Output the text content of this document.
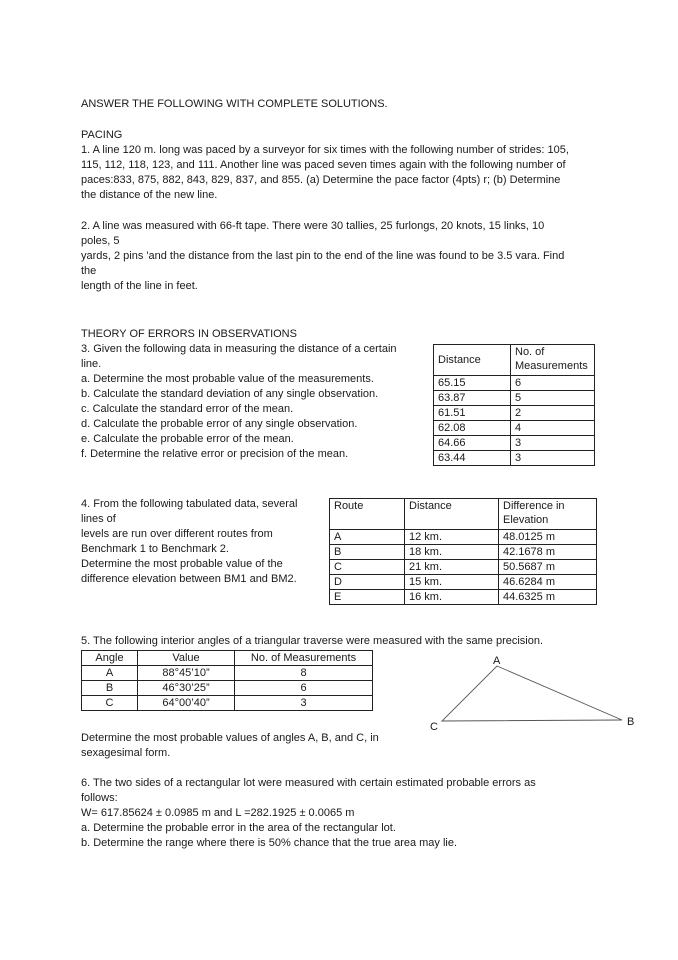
ANSWER THE FOLLOWING WITH COMPLETE SOLUTIONS.
PACING
1. A line 120 m. long was paced by a surveyor for six times with the following number of strides: 105,
115, 112, 118, 123, and 111. Another line was paced seven times again with the following number of
paces:833, 875, 882, 843, 829, 837, and 855. (a) Determine the pace factor (4pts) r; (b) Determine
the distance of the new line.
2. A line was measured with 66-ft tape. There were 30 tallies, 25 furlongs, 20 knots, 15 links, 10
poles, 5
yards, 2 pins 'and the distance from the last pin to the end of the line was found to be 3.5 vara. Find
the
length of the line in feet.
THEORY OF ERRORS IN OBSERVATIONS
3. Given the following data in measuring the distance of a certain
line.
a. Determine the most probable value of the measurements.
b. Calculate the standard deviation of any single observation.
c. Calculate the standard error of the mean.
d. Calculate the probable error of any single observation.
e. Calculate the probable error of the mean.
f. Determine the relative error or precision of the mean.
Distance	No. of Measurements
65.15	6
63.87	5
61.51	2
62.08	4
64.66	3
63.44	3
4. From the following tabulated data, several
lines of
levels are run over different routes from
Benchmark 1 to Benchmark 2.
Determine the most probable value of the
difference elevation between BM1 and BM2.
Route	Distance	Difference in Elevation
A	12 km.	48.0125 m
B	18 km.	42.1678 m
C	21 km.	50.5687 m
D	15 km.	46.6284 m
E	16 km.	44.6325 m
5. The following interior angles of a triangular traverse were measured with the same precision.
Angle	Value	No. of Measurements
A	88°45’10”	8
B	46°30’25”	6
C	64°00’40”	3
A
B
C
Determine the most probable values of angles A, B, and C, in
sexagesimal form.
6. The two sides of a rectangular lot were measured with certain estimated probable errors as
follows:
W= 617.85624 ± 0.0985 m and L =282.1925 ± 0.0065 m
a. Determine the probable error in the area of the rectangular lot.
b. Determine the range where there is 50% chance that the true area may lie.
